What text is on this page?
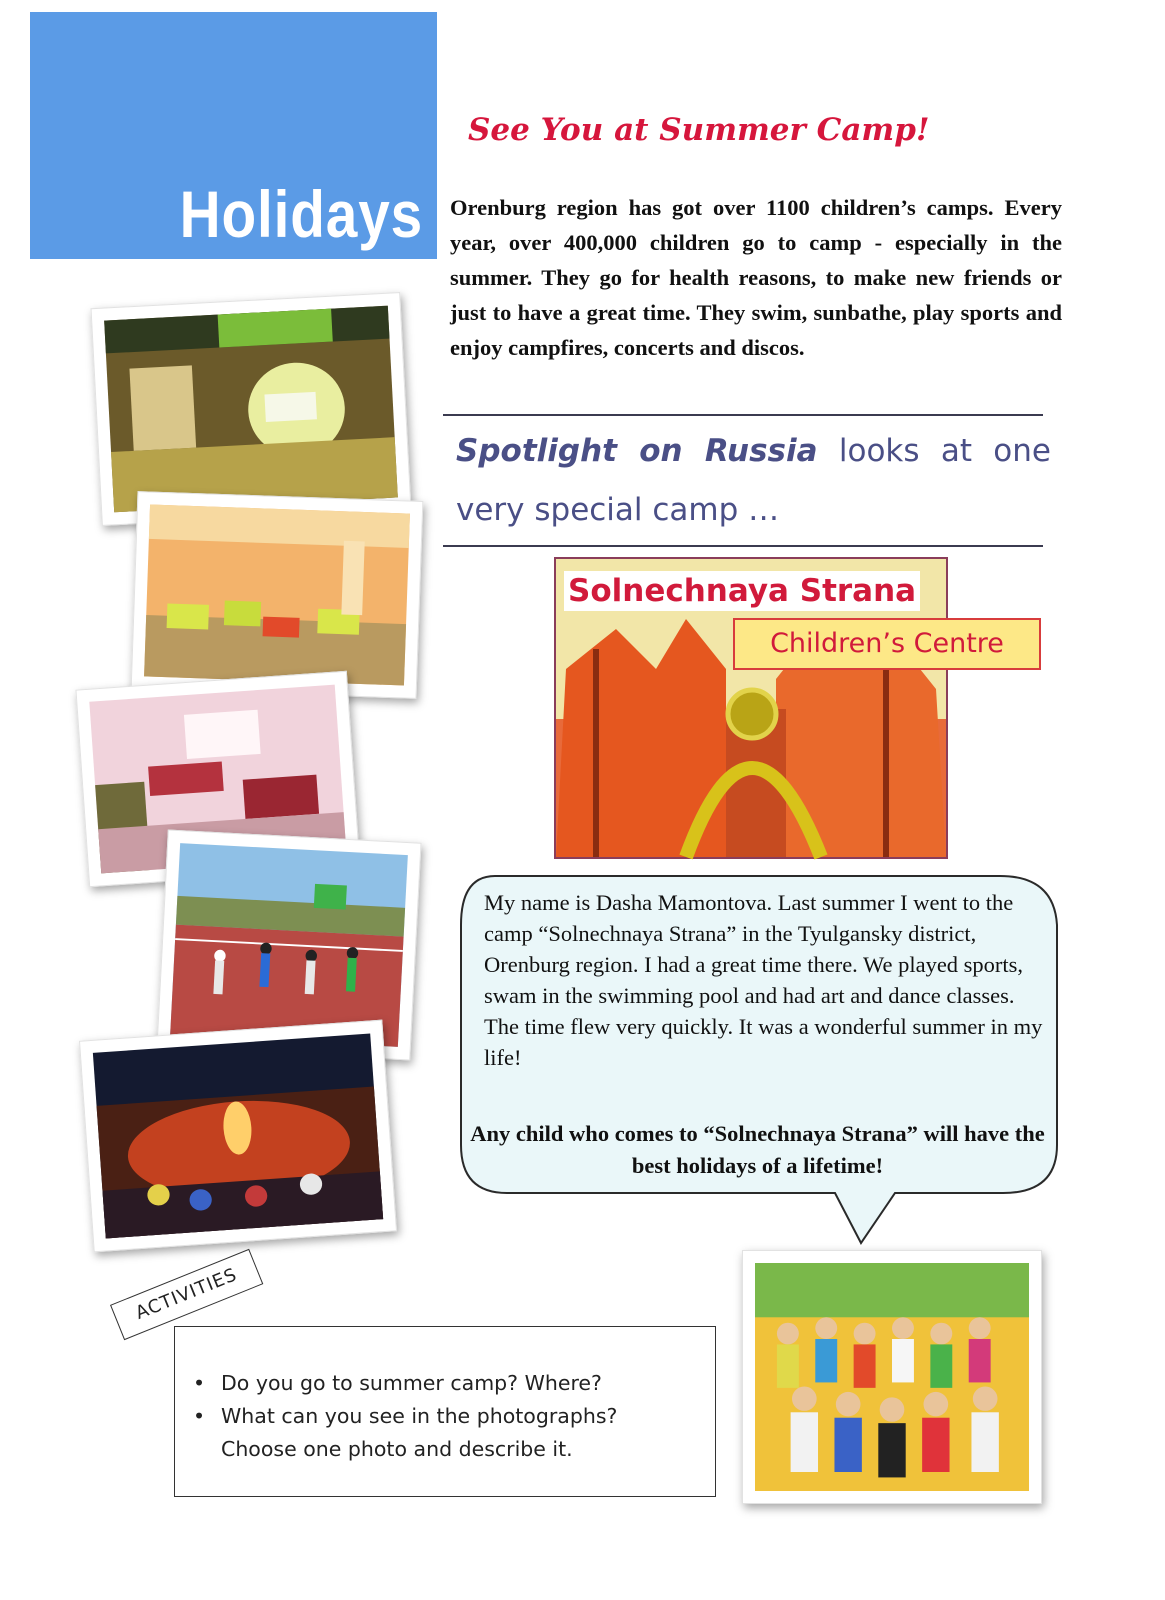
Holidays
See You at Summer Camp!
Orenburg region has got over 1100 children’s camps. Every year, over 400,000 children go to camp - especially in the summer. They go for health reasons, to make new friends or just to have a great time. They swim, sunbathe, play sports and enjoy campfires, concerts and discos.
Spotlight on Russia looks at one very special camp …
Solnechnaya Strana
Children’s Centre
My name is Dasha Mamontova. Last summer I went to the camp “Solnechnaya Strana” in the Tyulgansky district, Orenburg region. I had a great time there. We played sports, swam in the swimming pool and had art and dance classes. The time flew very quickly. It was a wonderful summer in my life!
Any child who comes to “Solnechnaya Strana” will have the best holidays of a lifetime!
• Do you go to summer camp? Where?
• What can you see in the photographs?
Choose one photo and describe it.
ACTIVITIES
